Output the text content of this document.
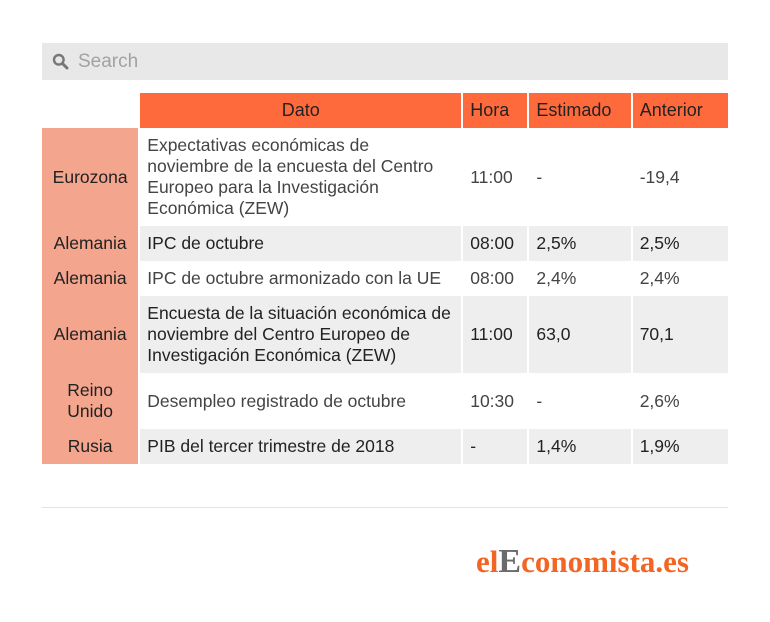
Search
	Dato	Hora	Estimado	Anterior
Eurozona	Expectativas económicas de noviembre de la encuesta del Centro Europeo para la Investigación Económica (ZEW)	11:00	-	-19,4
Alemania	IPC de octubre	08:00	2,5%	2,5%
Alemania	IPC de octubre armonizado con la UE	08:00	2,4%	2,4%
Alemania	Encuesta de la situación económica de noviembre del Centro Europeo de Investigación Económica (ZEW)	11:00	63,0	70,1
Reino Unido	Desempleo registrado de octubre	10:30	-	2,6%
Rusia	PIB del tercer trimestre de 2018	-	1,4%	1,9%
elEconomista.es
